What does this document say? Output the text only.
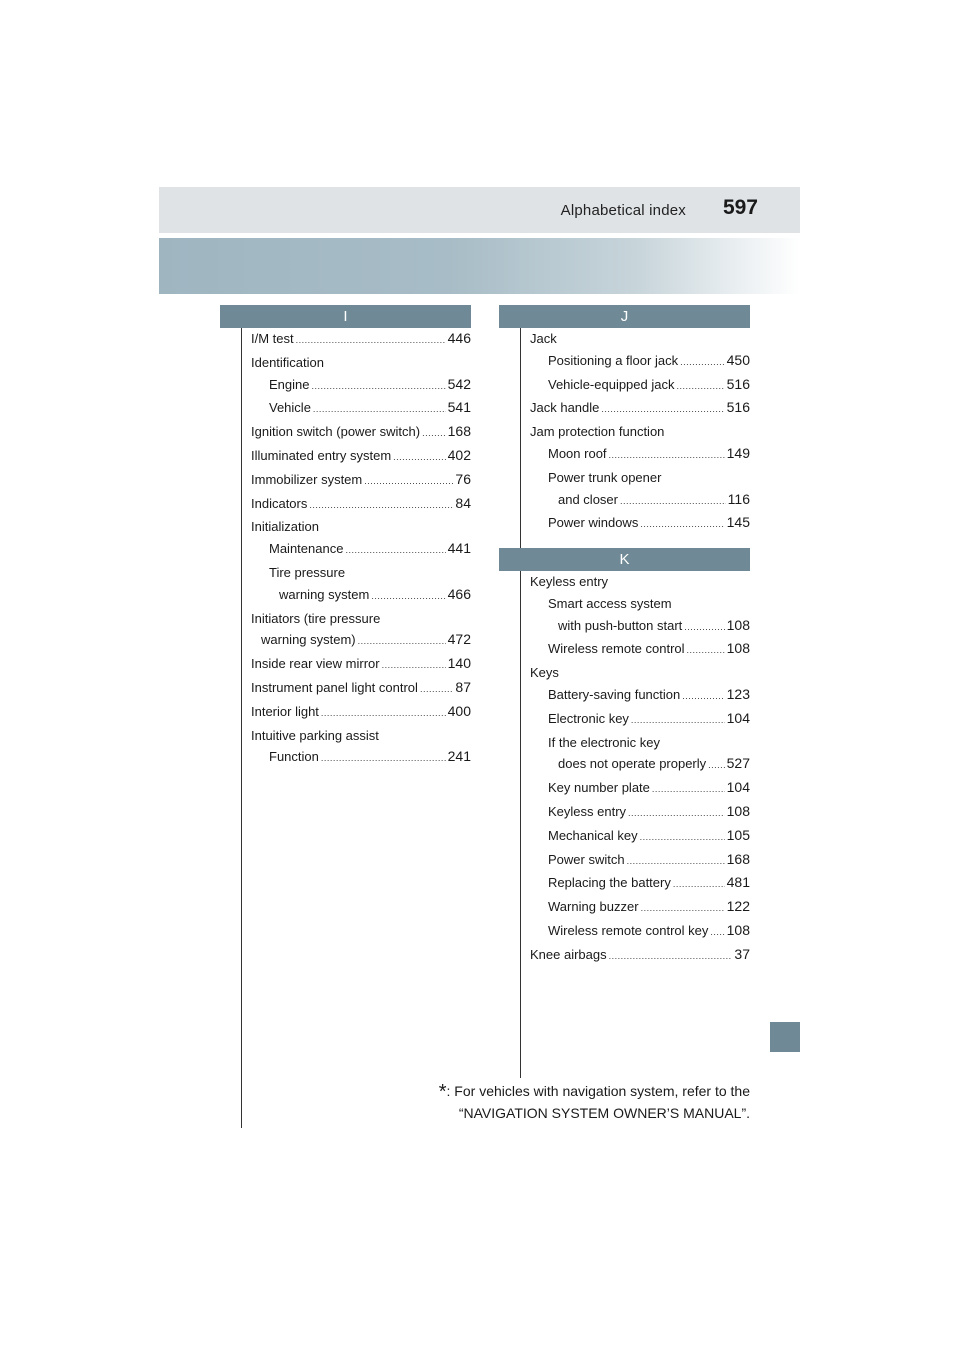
Alphabetical index 597
I	J
K
I/M test .....	446
Identification
Engine .....	542
Vehicle .....	541
Ignition switch (power switch) ..... 168
Illuminated entry system .....	402
Immobilizer system .....	76
Indicators .....	84
Initialization
Maintenance .....	441
Tire pressure
warning system .....	466
Initiators (tire pressure
warning system) .....	472
Inside rear view mirror .....	140
Instrument panel light control .....	87
Interior light .....	400
Intuitive parking assist
Function .....	241
Jack
Positioning a floor jack .....	450
Vehicle-equipped jack .....	516
Jack handle .....	516
Jam protection function
Moon roof .....	149
Power trunk opener
and closer .....	116
Power windows .....	145
Keyless entry
Smart access system
with push-button start .....	108
Wireless remote control .....	108
Keys
Battery-saving function .....	123
Electronic key .....	104
If the electronic key
does not operate properly ..... 527
Key number plate .....	104
Keyless entry .....	108
Mechanical key .....	105
Power switch .....	168
Replacing the battery .....	481
Warning buzzer .....	122
Wireless remote control key ..... 108
Knee airbags .....	37
*: For vehicles with navigation system, refer to the
“NAVIGATION SYSTEM OWNER’S MANUAL”.
